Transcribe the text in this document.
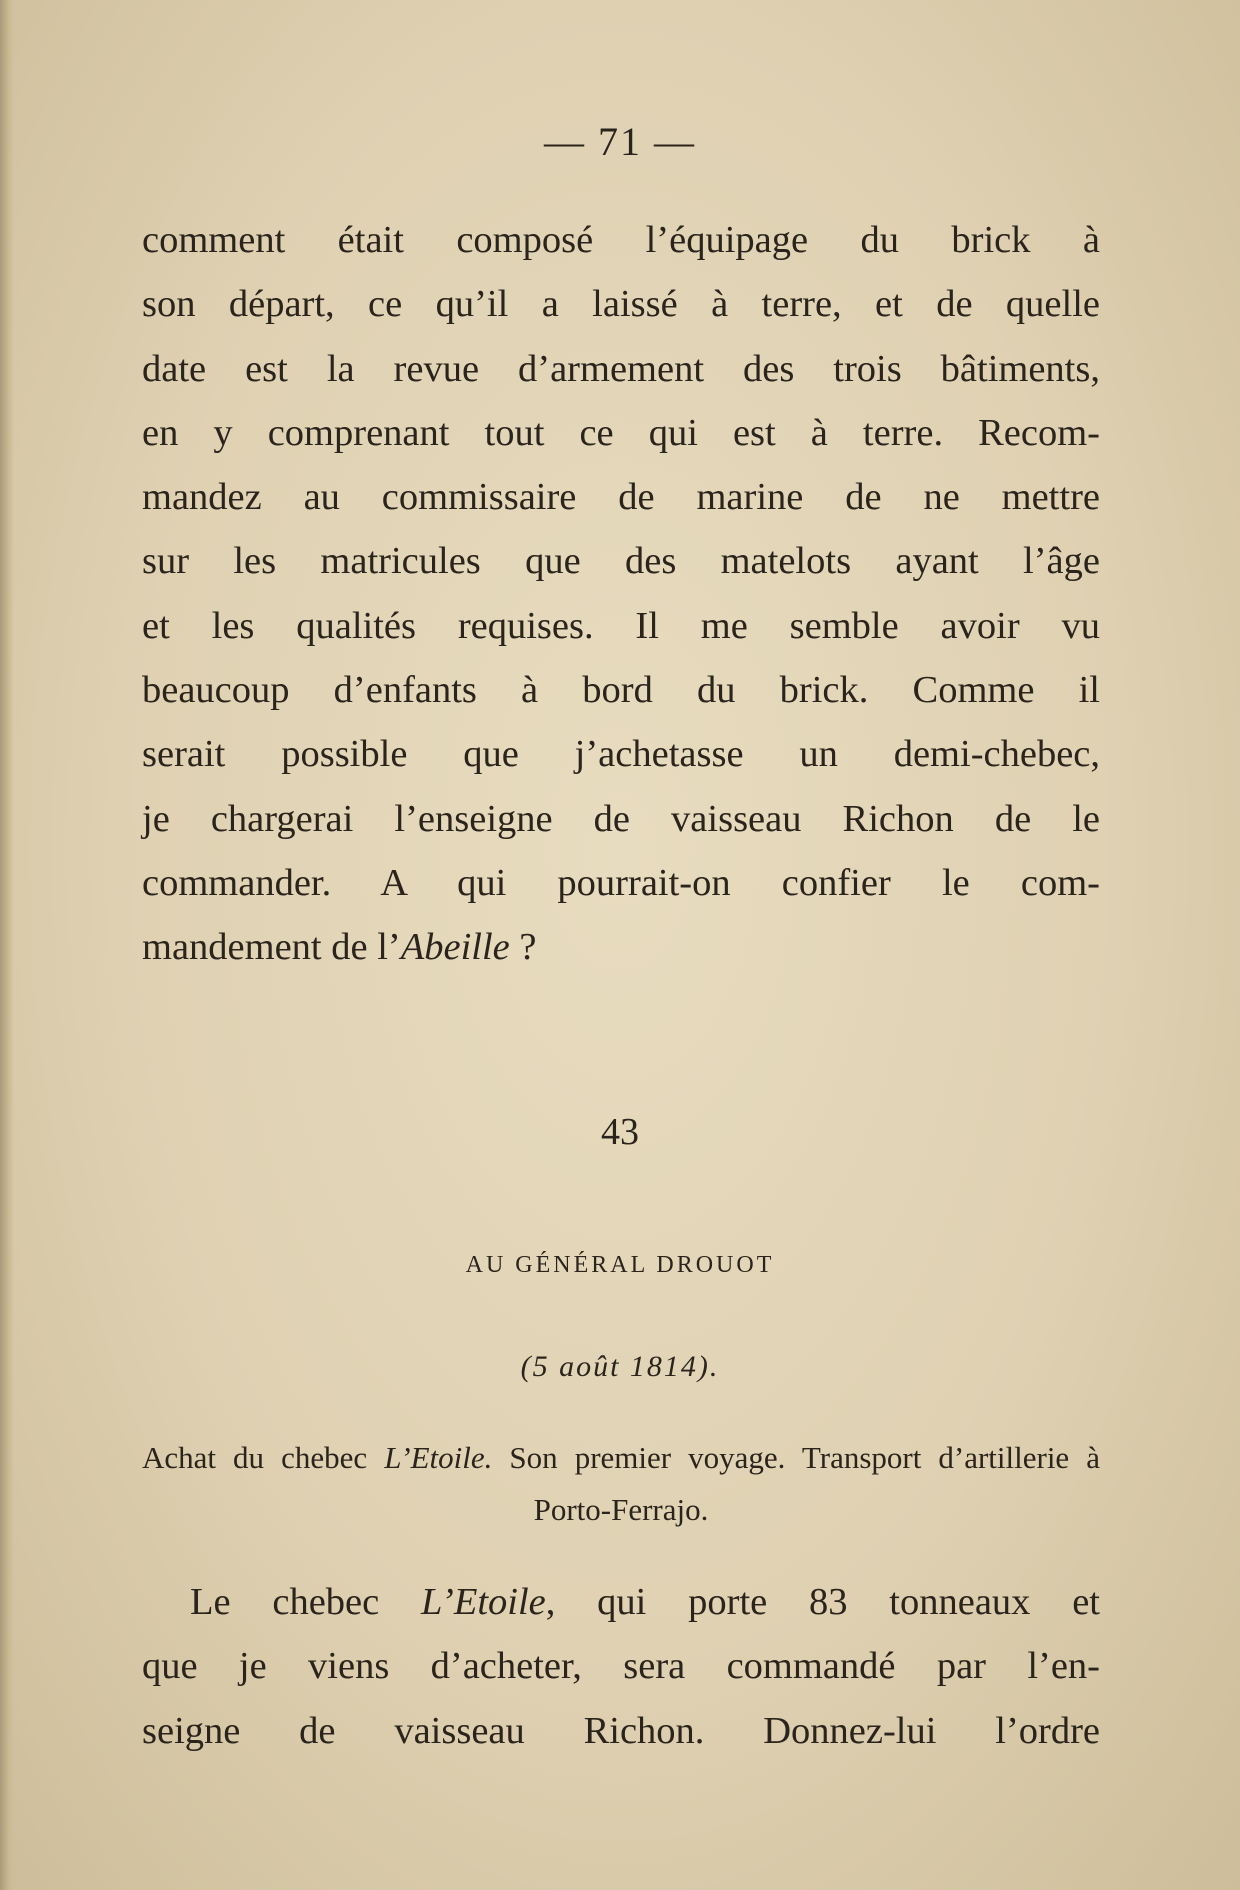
— 71 —
comment était composé l’équipage du brick à
son départ, ce qu’il a laissé à terre, et de quelle
date est la revue d’armement des trois bâtiments,
en y comprenant tout ce qui est à terre. Recom-
mandez au commissaire de marine de ne mettre
sur les matricules que des matelots ayant l’âge
et les qualités requises. Il me semble avoir vu
beaucoup d’enfants à bord du brick. Comme il
serait possible que j’achetasse un demi-chebec,
je chargerai l’enseigne de vaisseau Richon de le
commander. A qui pourrait-on confier le com-
mandement de l’Abeille ?
43
AU GÉNÉRAL DROUOT
(5 août 1814).
Achat du chebec L’Etoile. Son premier voyage. Transport d’artillerie à Porto-Ferrajo.
Le chebec L’Etoile, qui porte 83 tonneaux et
que je viens d’acheter, sera commandé par l’en-
seigne de vaisseau Richon. Donnez-lui l’ordre
